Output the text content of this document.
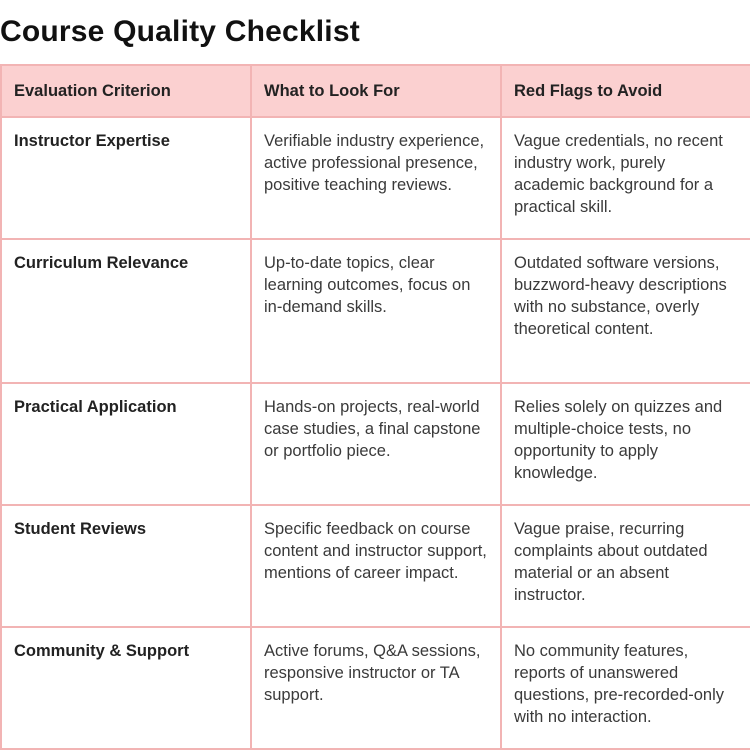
Course Quality Checklist
Evaluation Criterion	What to Look For	Red Flags to Avoid
Instructor Expertise	Verifiable industry experience, active professional presence, positive teaching reviews.	Vague credentials, no recent industry work, purely academic background for a practical skill.
Curriculum Relevance	Up-to-date topics, clear learning outcomes, focus on in-demand skills.	Outdated software versions, buzzword-heavy descriptions with no substance, overly theoretical content.
Practical Application	Hands-on projects, real-world case studies, a final capstone or portfolio piece.	Relies solely on quizzes and multiple-choice tests, no opportunity to apply knowledge.
Student Reviews	Specific feedback on course content and instructor support, mentions of career impact.	Vague praise, recurring complaints about outdated material or an absent instructor.
Community & Support	Active forums, Q&A sessions, responsive instructor or TA support.	No community features, reports of unanswered questions, pre-recorded-only with no interaction.
